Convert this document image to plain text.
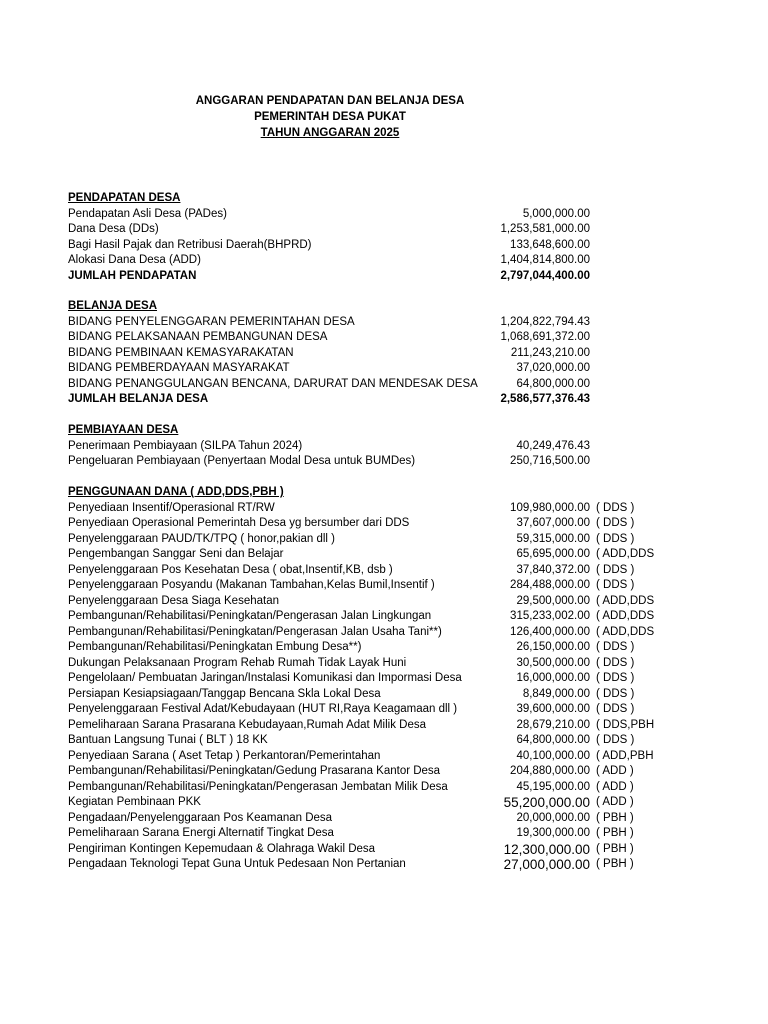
ANGGARAN PENDAPATAN DAN BELANJA DESA
PEMERINTAH DESA PUKAT
TAHUN ANGGARAN 2025
PENDAPATAN DESA
Pendapatan Asli Desa (PADes)	5,000,000.00
Dana Desa (DDs)	1,253,581,000.00
Bagi Hasil Pajak dan Retribusi Daerah(BHPRD)	133,648,600.00
Alokasi Dana Desa (ADD)	1,404,814,800.00
JUMLAH PENDAPATAN	2,797,044,400.00
BELANJA DESA
BIDANG PENYELENGGARAN PEMERINTAHAN DESA	1,204,822,794.43
BIDANG PELAKSANAAN PEMBANGUNAN DESA	1,068,691,372.00
BIDANG PEMBINAAN KEMASYARAKATAN	211,243,210.00
BIDANG PEMBERDAYAAN MASYARAKAT	37,020,000.00
BIDANG PENANGGULANGAN BENCANA, DARURAT DAN MENDESAK DESA	64,800,000.00
JUMLAH BELANJA DESA	2,586,577,376.43
PEMBIAYAAN DESA
Penerimaan Pembiayaan (SILPA Tahun 2024)	40,249,476.43
Pengeluaran Pembiayaan (Penyertaan Modal Desa untuk BUMDes)	250,716,500.00
PENGGUNAAN DANA ( ADD,DDS,PBH )
Penyediaan Insentif/Operasional RT/RW	109,980,000.00 ( DDS )
Penyediaan Operasional Pemerintah Desa yg bersumber dari DDS	37,607,000.00 ( DDS )
Penyelenggaraan PAUD/TK/TPQ ( honor,pakian dll )	59,315,000.00 ( DDS )
Pengembangan Sanggar Seni dan Belajar	65,695,000.00 ( ADD,DDS
Penyelenggaraan Pos Kesehatan Desa ( obat,Insentif,KB, dsb )	37,840,372.00 ( DDS )
Penyelenggaraan Posyandu (Makanan Tambahan,Kelas Bumil,Insentif )	284,488,000.00 ( DDS )
Penyelenggaraan Desa Siaga Kesehatan	29,500,000.00 ( ADD,DDS
Pembangunan/Rehabilitasi/Peningkatan/Pengerasan Jalan Lingkungan	315,233,002.00 ( ADD,DDS
Pembangunan/Rehabilitasi/Peningkatan/Pengerasan Jalan Usaha Tani**)	126,400,000.00 ( ADD,DDS
Pembangunan/Rehabilitasi/Peningkatan Embung Desa**)	26,150,000.00 ( DDS )
Dukungan Pelaksanaan Program Rehab Rumah Tidak Layak Huni	30,500,000.00 ( DDS )
Pengelolaan/ Pembuatan Jaringan/Instalasi Komunikasi dan Impormasi Desa	16,000,000.00 ( DDS )
Persiapan Kesiapsiagaan/Tanggap Bencana Skla Lokal Desa	8,849,000.00 ( DDS )
Penyelenggaraan Festival Adat/Kebudayaan (HUT RI,Raya Keagamaan dll )	39,600,000.00 ( DDS )
Pemeliharaan Sarana Prasarana Kebudayaan,Rumah Adat Milik Desa	28,679,210.00 ( DDS,PBH
Bantuan Langsung Tunai ( BLT ) 18 KK	64,800,000.00 ( DDS )
Penyediaan Sarana ( Aset Tetap ) Perkantoran/Pemerintahan	40,100,000.00 ( ADD,PBH
Pembangunan/Rehabilitasi/Peningkatan/Gedung Prasarana Kantor Desa	204,880,000.00 ( ADD )
Pembangunan/Rehabilitasi/Peningkatan/Pengerasan Jembatan Milik Desa	45,195,000.00 ( ADD )
Kegiatan Pembinaan PKK	55,200,000.00 ( ADD )
Pengadaan/Penyelenggaraan Pos Keamanan Desa	20,000,000.00 ( PBH )
Pemeliharaan Sarana Energi Alternatif Tingkat Desa	19,300,000.00 ( PBH )
Pengiriman Kontingen Kepemudaan & Olahraga Wakil Desa	12,300,000.00 ( PBH )
Pengadaan Teknologi Tepat Guna Untuk Pedesaan Non Pertanian	27,000,000.00 ( PBH )
